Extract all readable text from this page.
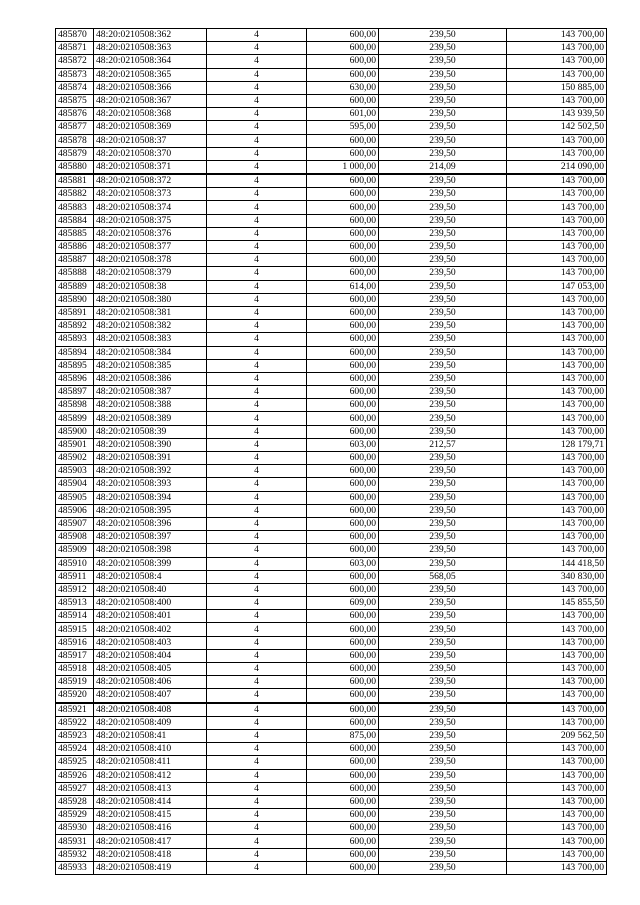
485870	48:20:0210508:362	4	600,00	239,50	143 700,00
485871	48:20:0210508:363	4	600,00	239,50	143 700,00
485872	48:20:0210508:364	4	600,00	239,50	143 700,00
485873	48:20:0210508:365	4	600,00	239,50	143 700,00
485874	48:20:0210508:366	4	630,00	239,50	150 885,00
485875	48:20:0210508:367	4	600,00	239,50	143 700,00
485876	48:20:0210508:368	4	601,00	239,50	143 939,50
485877	48:20:0210508:369	4	595,00	239,50	142 502,50
485878	48:20:0210508:37	4	600,00	239,50	143 700,00
485879	48:20:0210508:370	4	600,00	239,50	143 700,00
485880	48:20:0210508:371	4	1 000,00	214,09	214 090,00
485881	48:20:0210508:372	4	600,00	239,50	143 700,00
485882	48:20:0210508:373	4	600,00	239,50	143 700,00
485883	48:20:0210508:374	4	600,00	239,50	143 700,00
485884	48:20:0210508:375	4	600,00	239,50	143 700,00
485885	48:20:0210508:376	4	600,00	239,50	143 700,00
485886	48:20:0210508:377	4	600,00	239,50	143 700,00
485887	48:20:0210508:378	4	600,00	239,50	143 700,00
485888	48:20:0210508:379	4	600,00	239,50	143 700,00
485889	48:20:0210508:38	4	614,00	239,50	147 053,00
485890	48:20:0210508:380	4	600,00	239,50	143 700,00
485891	48:20:0210508:381	4	600,00	239,50	143 700,00
485892	48:20:0210508:382	4	600,00	239,50	143 700,00
485893	48:20:0210508:383	4	600,00	239,50	143 700,00
485894	48:20:0210508:384	4	600,00	239,50	143 700,00
485895	48:20:0210508:385	4	600,00	239,50	143 700,00
485896	48:20:0210508:386	4	600,00	239,50	143 700,00
485897	48:20:0210508:387	4	600,00	239,50	143 700,00
485898	48:20:0210508:388	4	600,00	239,50	143 700,00
485899	48:20:0210508:389	4	600,00	239,50	143 700,00
485900	48:20:0210508:39	4	600,00	239,50	143 700,00
485901	48:20:0210508:390	4	603,00	212,57	128 179,71
485902	48:20:0210508:391	4	600,00	239,50	143 700,00
485903	48:20:0210508:392	4	600,00	239,50	143 700,00
485904	48:20:0210508:393	4	600,00	239,50	143 700,00
485905	48:20:0210508:394	4	600,00	239,50	143 700,00
485906	48:20:0210508:395	4	600,00	239,50	143 700,00
485907	48:20:0210508:396	4	600,00	239,50	143 700,00
485908	48:20:0210508:397	4	600,00	239,50	143 700,00
485909	48:20:0210508:398	4	600,00	239,50	143 700,00
485910	48:20:0210508:399	4	603,00	239,50	144 418,50
485911	48:20:0210508:4	4	600,00	568,05	340 830,00
485912	48:20:0210508:40	4	600,00	239,50	143 700,00
485913	48:20:0210508:400	4	609,00	239,50	145 855,50
485914	48:20:0210508:401	4	600,00	239,50	143 700,00
485915	48:20:0210508:402	4	600,00	239,50	143 700,00
485916	48:20:0210508:403	4	600,00	239,50	143 700,00
485917	48:20:0210508:404	4	600,00	239,50	143 700,00
485918	48:20:0210508:405	4	600,00	239,50	143 700,00
485919	48:20:0210508:406	4	600,00	239,50	143 700,00
485920	48:20:0210508:407	4	600,00	239,50	143 700,00
485921	48:20:0210508:408	4	600,00	239,50	143 700,00
485922	48:20:0210508:409	4	600,00	239,50	143 700,00
485923	48:20:0210508:41	4	875,00	239,50	209 562,50
485924	48:20:0210508:410	4	600,00	239,50	143 700,00
485925	48:20:0210508:411	4	600,00	239,50	143 700,00
485926	48:20:0210508:412	4	600,00	239,50	143 700,00
485927	48:20:0210508:413	4	600,00	239,50	143 700,00
485928	48:20:0210508:414	4	600,00	239,50	143 700,00
485929	48:20:0210508:415	4	600,00	239,50	143 700,00
485930	48:20:0210508:416	4	600,00	239,50	143 700,00
485931	48:20:0210508:417	4	600,00	239,50	143 700,00
485932	48:20:0210508:418	4	600,00	239,50	143 700,00
485933	48:20:0210508:419	4	600,00	239,50	143 700,00
